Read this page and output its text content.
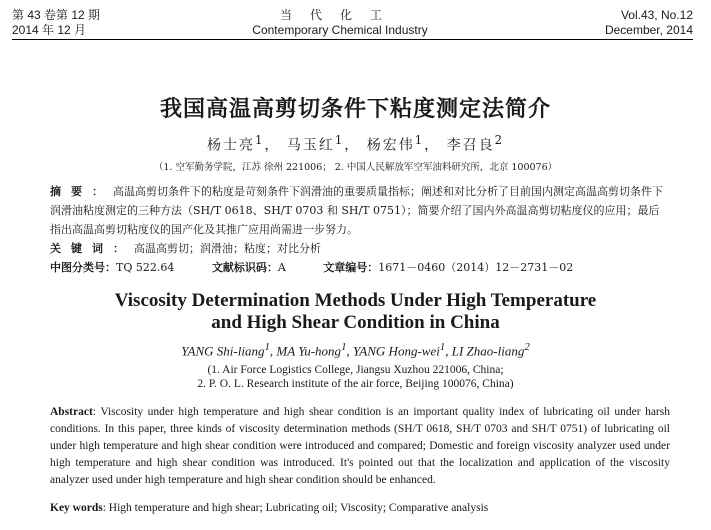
第 43 卷第 12 期
2014 年 12 月
当代化工
Contemporary Chemical Industry
Vol.43, No.12
December, 2014
我国高温高剪切条件下粘度测定法简介
杨士亮$^1$， 马玉红$^1$， 杨宏伟$^1$， 李召良$^2$
（1. 空军勤务学院，江苏 徐州 221006； 2. 中国人民解放军空军油料研究所，北京 100076）
摘要：高温高剪切条件下的粘度是苛刻条件下润滑油的重要质量指标；阐述和对比分析了目前国内测定高温高剪切条件下润滑油粘度测定的三种方法（SH/T 0618、SH/T 0703 和 SH/T 0751）；简要介绍了国内外高温高剪切粘度仪的应用；最后指出高温高剪切粘度仪的国产化及其推广应用尚需进一步努力。
关键词：高温高剪切；润滑油；粘度；对比分析
中图分类号：TQ 522.64	文献标识码：A	文章编号：1671－0460（2014）12－2731－02
Viscosity Determination Methods Under High Temperature
and High Shear Condition in China
YANG Shi-liang$^1$, MA Yu-hong$^1$, YANG Hong-wei$^1$, LI Zhao-liang$^2$
(1. Air Force Logistics College, Jiangsu Xuzhou 221006, China;
2. P. O. L. Research institute of the air force, Beijing 100076, China)
Abstract: Viscosity under high temperature and high shear condition is an important quality index of lubricating oil under harsh conditions. In this paper, three kinds of viscosity determination methods (SH/T 0618, SH/T 0703 and SH/T 0751) of lubricating oil under high temperature and high shear condition were introduced and compared; Domestic and foreign viscosity analyzer used under high temperature and high shear condition was introduced. It's pointed out that the localization and application of the viscosity analyzer used under high temperature and high shear condition should be enhanced.
Key words: High temperature and high shear; Lubricating oil; Viscosity; Comparative analysis
